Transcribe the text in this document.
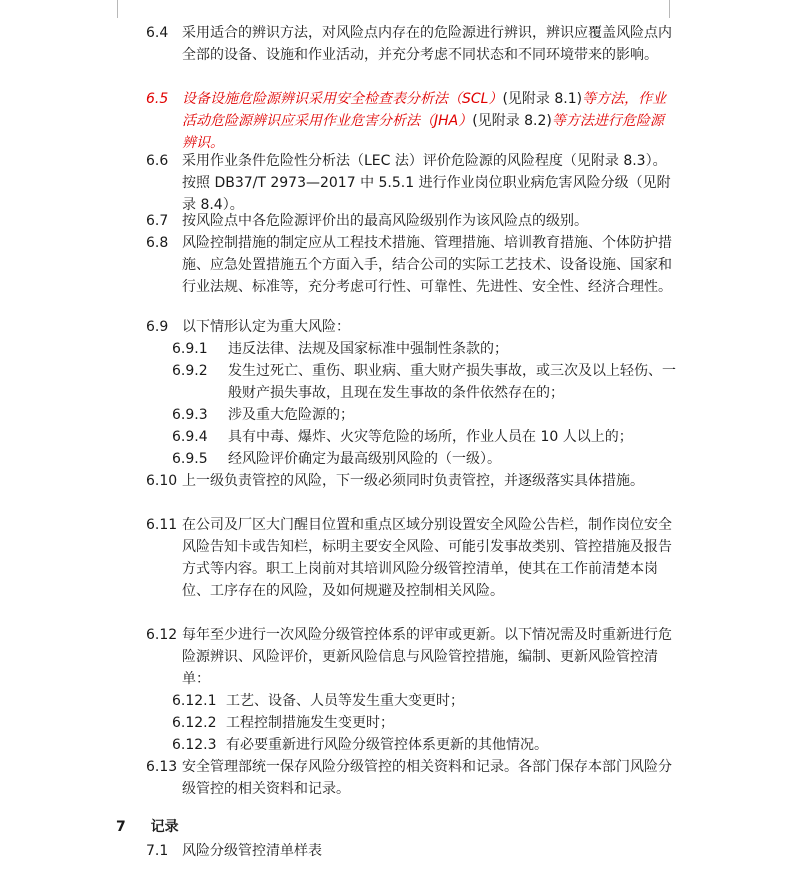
6.4 采用适合的辨识方法，对风险点内存在的危险源进行辨识，辨识应覆盖风险点内全部的设备、设施和作业活动，并充分考虑不同状态和不同环境带来的影响。
6.5 设备设施危险源辨识采用安全检查表分析法（SCL）(见附录 8.1)等方法，作业活动危险源辨识应采用作业危害分析法（JHA）(见附录 8.2)等方法进行危险源辨识。
6.6 采用作业条件危险性分析法（LEC 法）评价危险源的风险程度（见附录 8.3）。按照 DB37/T 2973—2017 中 5.5.1 进行作业岗位职业病危害风险分级（见附录 8.4）。
6.7 按风险点中各危险源评价出的最高风险级别作为该风险点的级别。
6.8 风险控制措施的制定应从工程技术措施、管理措施、培训教育措施、个体防护措施、应急处置措施五个方面入手，结合公司的实际工艺技术、设备设施、国家和行业法规、标准等，充分考虑可行性、可靠性、先进性、安全性、经济合理性。
6.9 以下情形认定为重大风险：
6.9.1	违反法律、法规及国家标准中强制性条款的；
6.9.2	发生过死亡、重伤、职业病、重大财产损失事故，或三次及以上轻伤、一般财产损失事故，且现在发生事故的条件依然存在的；
6.9.3	涉及重大危险源的；
6.9.4	具有中毒、爆炸、火灾等危险的场所，作业人员在 10 人以上的；
6.9.5	经风险评价确定为最高级别风险的（一级）。
6.10 上一级负责管控的风险，下一级必须同时负责管控，并逐级落实具体措施。
6.11 在公司及厂区大门醒目位置和重点区域分别设置安全风险公告栏，制作岗位安全风险告知卡或告知栏，标明主要安全风险、可能引发事故类别、管控措施及报告方式等内容。职工上岗前对其培训风险分级管控清单，使其在工作前清楚本岗位、工序存在的风险，及如何规避及控制相关风险。
6.12 每年至少进行一次风险分级管控体系的评审或更新。以下情况需及时重新进行危险源辨识、风险评价，更新风险信息与风险管控措施，编制、更新风险管控清单：
6.12.1 工艺、设备、人员等发生重大变更时；
6.12.2 工程控制措施发生变更时；
6.12.3 有必要重新进行风险分级管控体系更新的其他情况。
6.13 安全管理部统一保存风险分级管控的相关资料和记录。各部门保存本部门风险分级管控的相关资料和记录。
7 记录
7.1 风险分级管控清单样表
